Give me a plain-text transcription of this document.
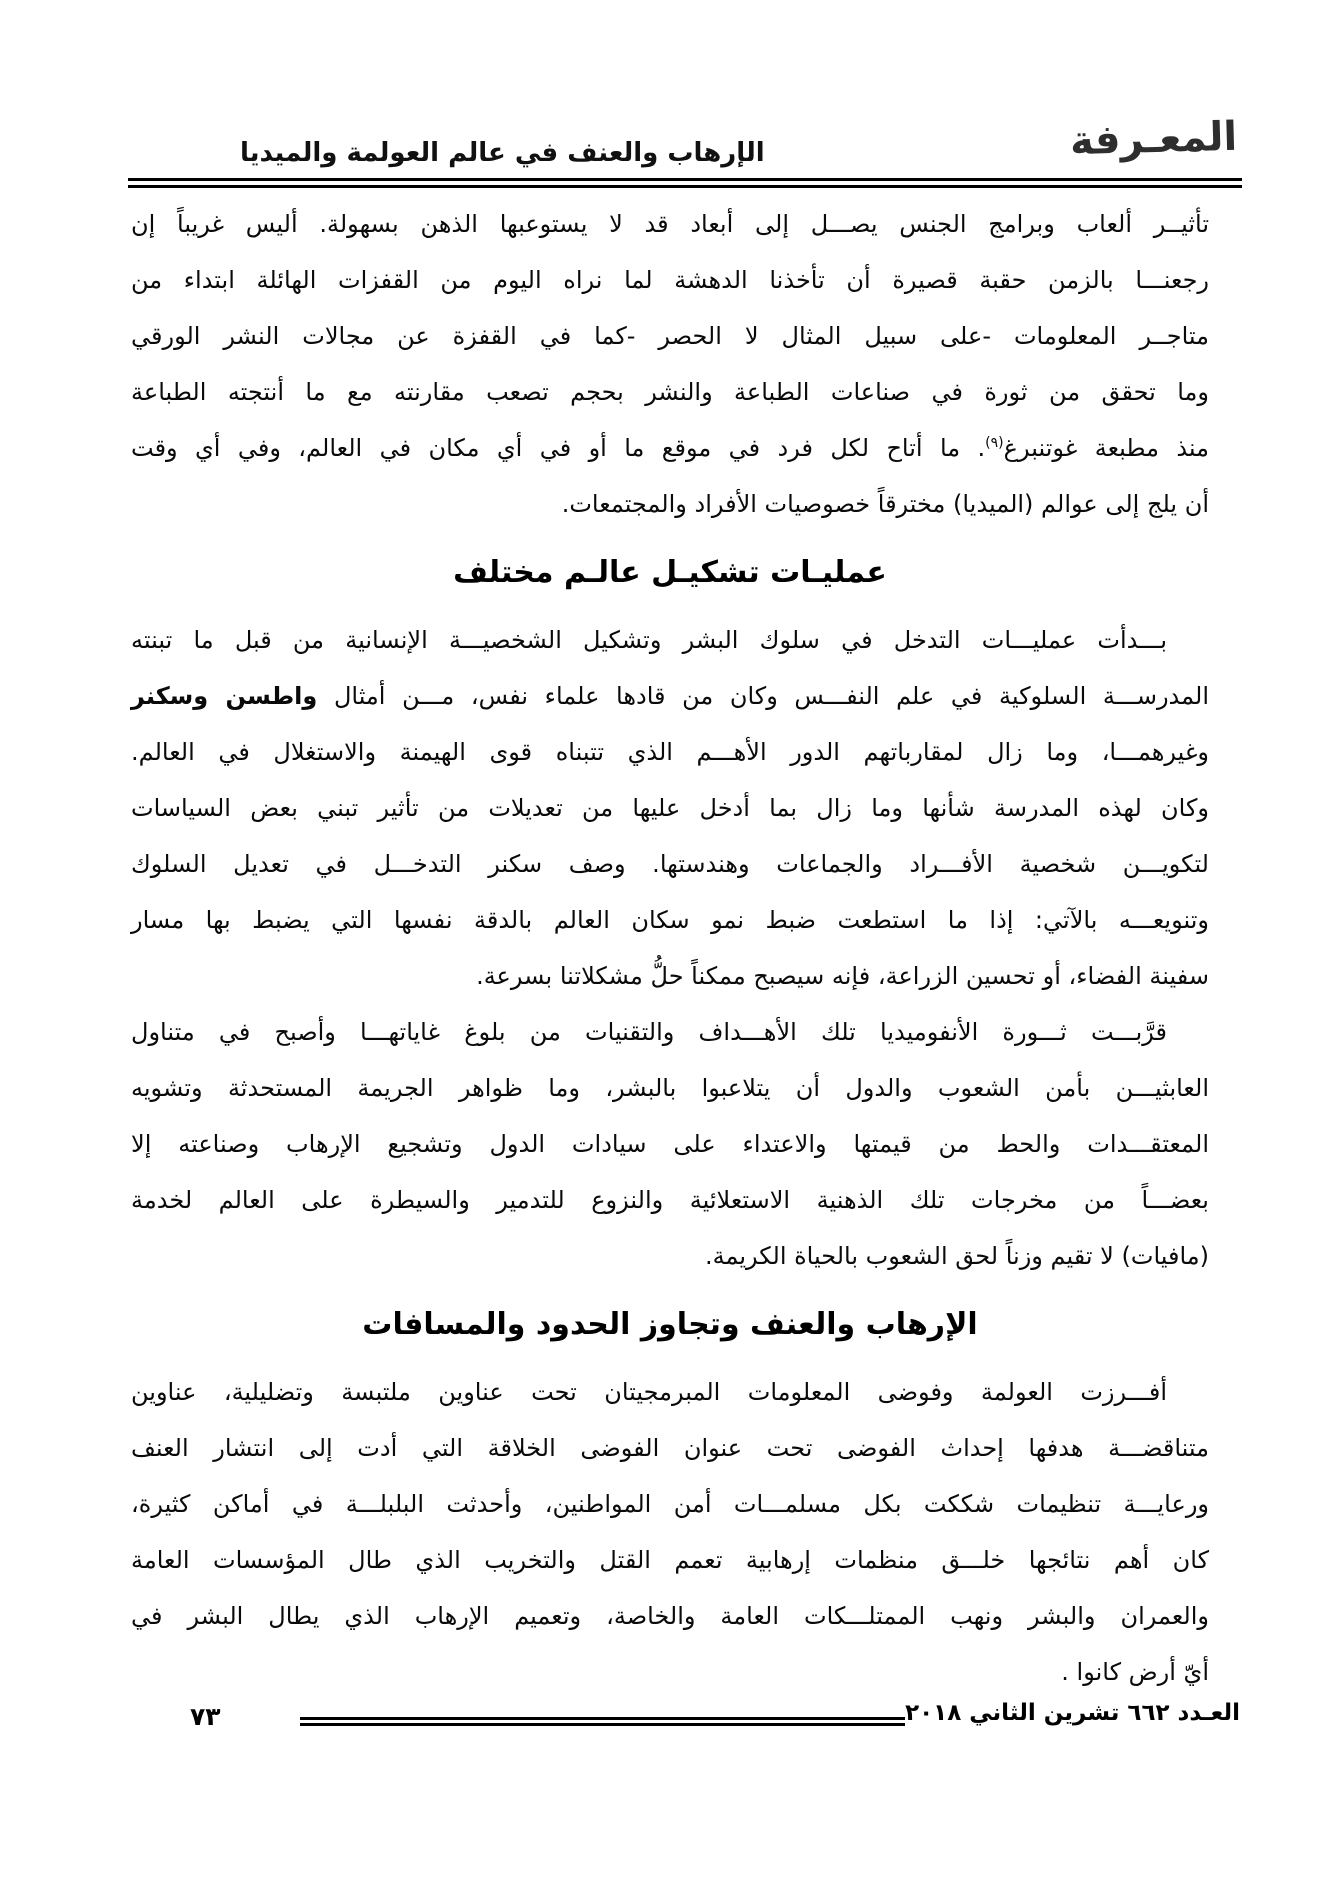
المعـرفة
الإرهاب والعنف في عالم العولمة والميديا
تأثيــر ألعاب وبرامج الجنس يصـــل إلى أبعاد قد لا يستوعبها الذهن بسهولة. أليس غريباً إن
رجعنـــا بالزمن حقبة قصيرة أن تأخذنا الدهشة لما نراه اليوم من القفزات الهائلة ابتداء من
متاجــر المعلومات -على سبيل المثال لا الحصر -كما في القفزة عن مجالات النشر الورقي
وما تحقق من ثورة في صناعات الطباعة والنشر بحجم تصعب مقارنته مع ما أنتجته الطباعة
منذ مطبعة غوتنبرغ$^{(٩)}$. ما أتاح لكل فرد في موقع ما أو في أي مكان في العالم، وفي أي وقت
أن يلج إلى عوالم (الميديا) مخترقاً خصوصيات الأفراد والمجتمعات.
عمليـات تشكيـل عالـم مختلف
بـــدأت عمليـــات التدخل في سلوك البشر وتشكيل الشخصيـــة الإنسانية من قبل ما تبنته
المدرســـة السلوكية في علم النفـــس وكان من قادها علماء نفس، مـــن أمثال واطسن وسكنر
وغيرهمـــا، وما زال لمقارباتهم الدور الأهـــم الذي تتبناه قوى الهيمنة والاستغلال في العالم.
وكان لهذه المدرسة شأنها وما زال بما أدخل عليها من تعديلات من تأثير تبني بعض السياسات
لتكويـــن شخصية الأفـــراد والجماعات وهندستها. وصف سكنر التدخـــل في تعديل السلوك
وتنويعـــه بالآتي: إذا ما استطعت ضبط نمو سكان العالم بالدقة نفسها التي يضبط بها مسار
سفينة الفضاء، أو تحسين الزراعة، فإنه سيصبح ممكناً حلُّ مشكلاتنا بسرعة.
قرَّبـــت ثـــورة الأنفوميديا تلك الأهـــداف والتقنيات من بلوغ غاياتهـــا وأصبح في متناول
العابثيـــن بأمن الشعوب والدول أن يتلاعبوا بالبشر، وما ظواهر الجريمة المستحدثة وتشويه
المعتقـــدات والحط من قيمتها والاعتداء على سيادات الدول وتشجيع الإرهاب وصناعته إلا
بعضـــاً من مخرجات تلك الذهنية الاستعلائية والنزوع للتدمير والسيطرة على العالم لخدمة
(مافيات) لا تقيم وزناً لحق الشعوب بالحياة الكريمة.
الإرهاب والعنف وتجاوز الحدود والمسافات
أفـــرزت العولمة وفوضى المعلومات المبرمجيتان تحت عناوين ملتبسة وتضليلية، عناوين
متناقضـــة هدفها إحداث الفوضى تحت عنوان الفوضى الخلاقة التي أدت إلى انتشار العنف
ورعايـــة تنظيمات شككت بكل مسلمـــات أمن المواطنين، وأحدثت البلبلـــة في أماكن كثيرة،
كان أهم نتائجها خلـــق منظمات إرهابية تعمم القتل والتخريب الذي طال المؤسسات العامة
والعمران والبشر ونهب الممتلـــكات العامة والخاصة، وتعميم الإرهاب الذي يطال البشر في
أيّ أرض كانوا .
العـدد ٦٦٢ تشرين الثاني ٢٠١٨
٧٣
